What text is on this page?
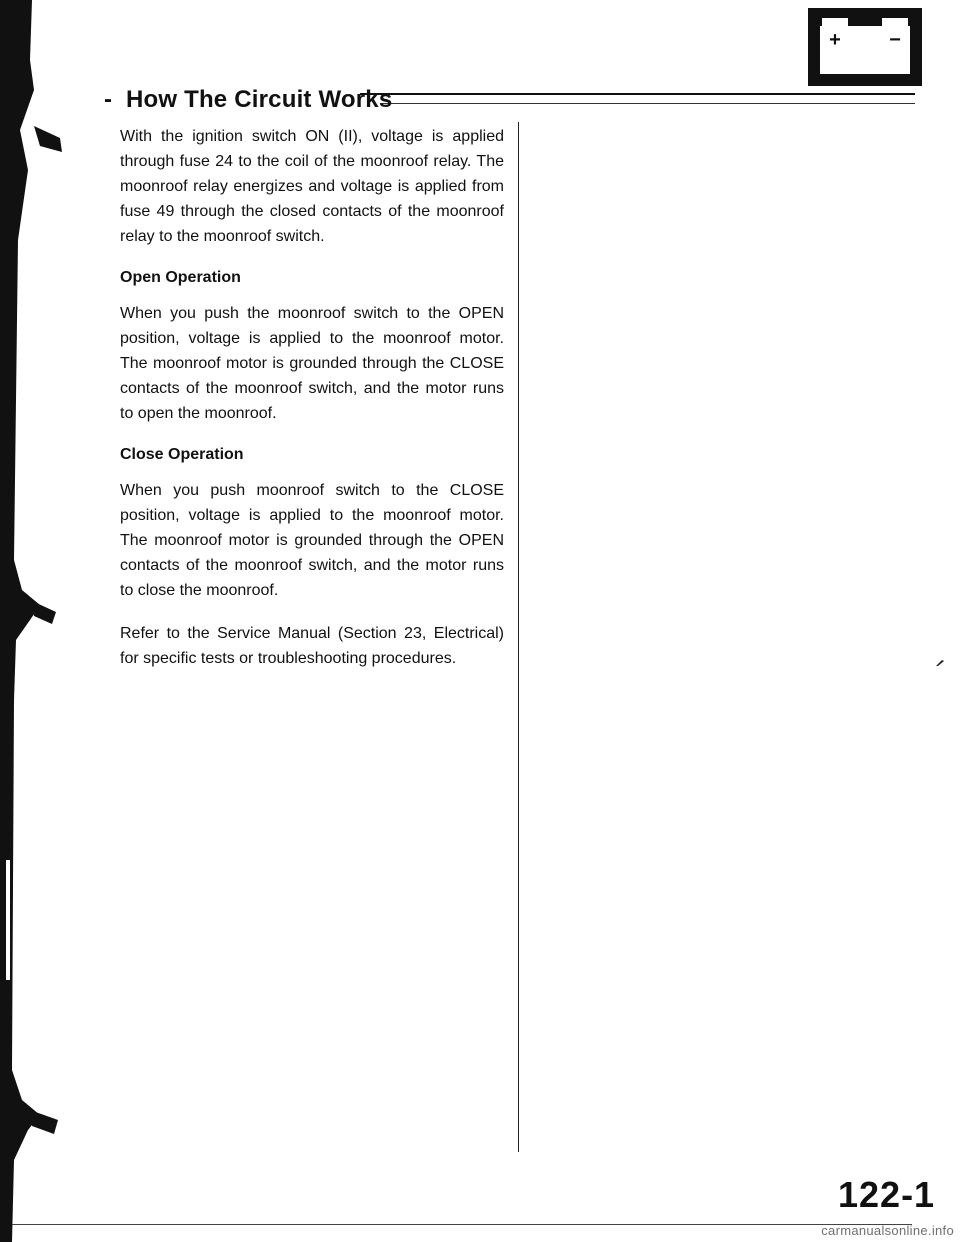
+ −
- How The Circuit Works

With the ignition switch ON (II), voltage is applied through fuse 24 to the coil of the moonroof relay. The moonroof relay energizes and voltage is applied from fuse 49 through the closed contacts of the moonroof relay to the moonroof switch.

Open Operation

When you push the moonroof switch to the OPEN position, voltage is applied to the moonroof motor. The moonroof motor is grounded through the CLOSE contacts of the moonroof switch, and the motor runs to open the moonroof.

Close Operation

When you push moonroof switch to the CLOSE position, voltage is applied to the moonroof motor. The moonroof motor is grounded through the OPEN contacts of the moonroof switch, and the motor runs to close the moonroof.

Refer to the Service Manual (Section 23, Electrical) for specific tests or troubleshooting procedures.

122-1
carmanualsonline.info
